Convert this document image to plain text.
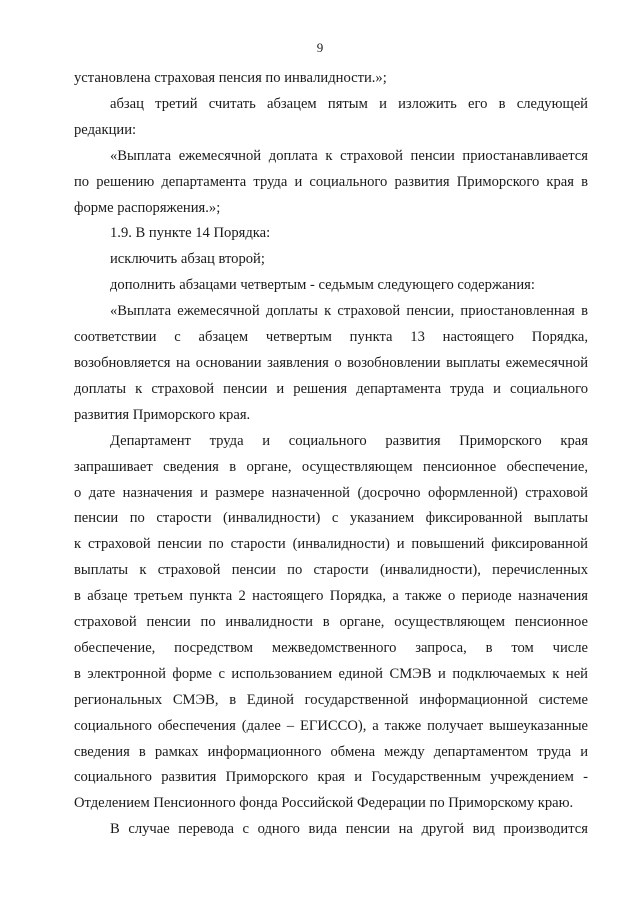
9
установлена страховая пенсия по инвалидности.»;
абзац третий считать абзацем пятым и изложить его в следующей
редакции:
«Выплата ежемесячной доплата к страховой пенсии приостанавливается
по решению департамента труда и социального развития Приморского края в
форме распоряжения.»;
1.9. В пункте 14 Порядка:
исключить абзац второй;
дополнить абзацами четвертым - седьмым следующего содержания:
«Выплата ежемесячной доплаты к страховой пенсии, приостановленная в
соответствии с абзацем четвертым пункта 13 настоящего Порядка,
возобновляется на основании заявления о возобновлении выплаты ежемесячной
доплаты к страховой пенсии и решения департамента труда и социального
развития Приморского края.
Департамент труда и социального развития Приморского края
запрашивает сведения в органе, осуществляющем пенсионное обеспечение,
о дате назначения и размере назначенной (досрочно оформленной) страховой
пенсии по старости (инвалидности) с указанием фиксированной выплаты
к страховой пенсии по старости (инвалидности) и повышений фиксированной
выплаты к страховой пенсии по старости (инвалидности), перечисленных
в абзаце третьем пункта 2 настоящего Порядка, а также о периоде назначения
страховой пенсии по инвалидности в органе, осуществляющем пенсионное
обеспечение, посредством межведомственного запроса, в том числе
в электронной форме с использованием единой СМЭВ и подключаемых к ней
региональных СМЭВ, в Единой государственной информационной системе
социального обеспечения (далее – ЕГИССО), а также получает вышеуказанные
сведения в рамках информационного обмена между департаментом труда и
социального развития Приморского края и Государственным учреждением -
Отделением Пенсионного фонда Российской Федерации по Приморскому краю.
В случае перевода с одного вида пенсии на другой вид производится
